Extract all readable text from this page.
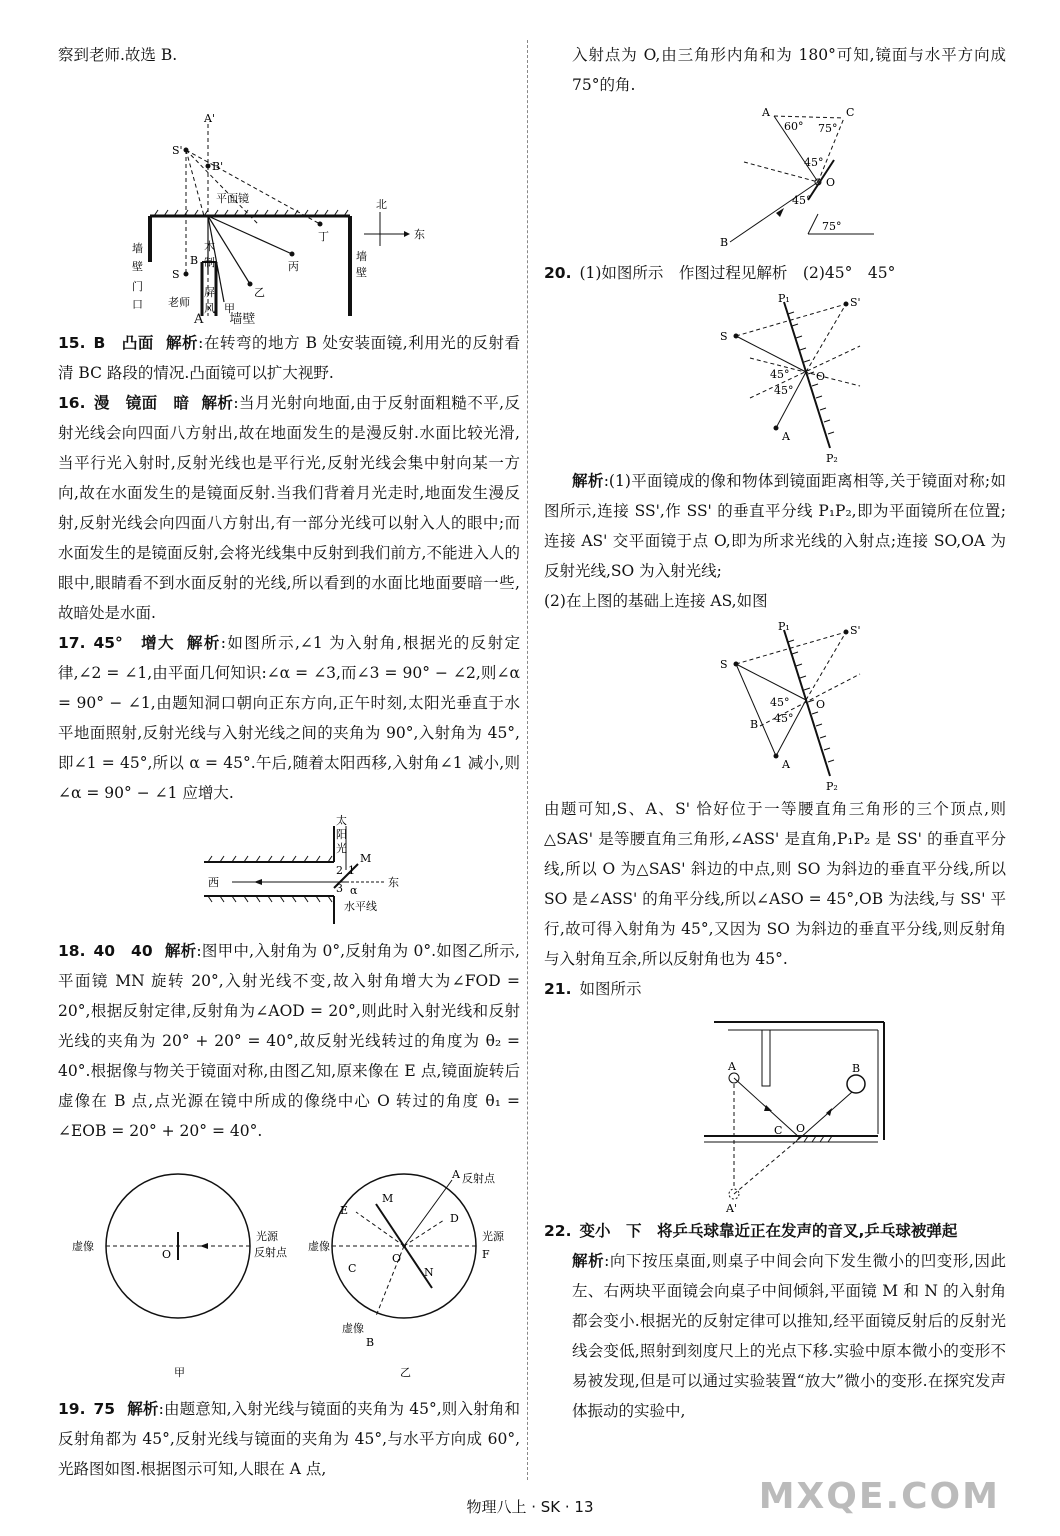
察到老师.故选 B.

A'
S'
B'
平面镜
墙
壁
门
口
S
B
木
制
屏
风 甲
乙
丙
丁
北
东
墙
壁
老师

A　　 墙壁

15. B　凸面 解析:在转弯的地方 B 处安装面镜,利用光的反射看清 BC 路段的情况.凸面镜可以扩大视野.

16. 漫　镜面　暗 解析:当月光射向地面,由于反射面粗糙不平,反射光线会向四面八方射出,故在地面发生的是漫反射.水面比较光滑,当平行光入射时,反射光线也是平行光,反射光线会集中射向某一方向,故在水面发生的是镜面反射.当我们背着月光走时,地面发生漫反射,反射光线会向四面八方射出,有一部分光线可以射入人的眼中;而水面发生的是镜面反射,会将光线集中反射到我们前方,不能进入人的眼中,眼睛看不到水面反射的光线,所以看到的水面比地面要暗一些,故暗处是水面.

17. 45°　增大 解析:如图所示,∠1 为入射角,根据光的反射定律,∠2 = ∠1,由平面几何知识:∠α = ∠3,而∠3 = 90° − ∠2,则∠α = 90° − ∠1,由题知洞口朝向正东方向,正午时刻,太阳光垂直于水平地面照射,反射光线与入射光线之间的夹角为 90°,入射角为 45°,即∠1 = 45°,所以 α = 45°.午后,随着太阳西移,入射角∠1 减小,则∠α = 90° − ∠1 应增大.

太
阳
光
M
1
2
3 α
西	东
水平线

18. 40　40 解析:图甲中,入射角为 0°,反射角为 0°.如图乙所示,平面镜 MN 旋转 20°,入射光线不变,故入射角增大为∠FOD = 20°,根据反射定律,反射角为∠AOD = 20°,则此时入射光线和反射光线的夹角为 20° + 20° = 40°,故反射光线转过的角度为 θ₂ = 40°.根据像与物关于镜面对称,由图乙知,原来像在 E 点,镜面旋转后虚像在 B 点,点光源在镜中所成的像绕中心 O 转过的角度 θ₁ = ∠EOB = 20° + 20° = 40°.

虚像
O
光源
反射点
甲
A 反射点
M
D
E
虚像
C
O
光源
F
N
虚像
B
乙

19. 75 解析:由题意知,入射光线与镜面的夹角为 45°,则入射角和反射角都为 45°,反射光线与镜面的夹角为 45°,与水平方向成 60°,光路图如图.根据图示可知,人眼在 A 点,

入射点为 O,由三角形内角和为 180°可知,镜面与水平方向成 75°的角.

A
60° 75°
C
45°
O
45°
B
75°

20. (1)如图所示　作图过程见解析　(2)45°　45°

P₁	S'
S
45° O
45°
A
P₂

解析:(1)平面镜成的像和物体到镜面距离相等,关于镜面对称;如图所示,连接 SS',作 SS' 的垂直平分线 P₁P₂,即为平面镜所在位置;连接 AS' 交平面镜于点 O,即为所求光线的入射点;连接 SO,OA 为反射光线,SO 为入射光线;

(2)在上图的基础上连接 AS,如图

P₁	S'
S
45° O
B 45°
A
P₂

由题可知,S、A、S' 恰好位于一等腰直角三角形的三个顶点,则△SAS' 是等腰直角三角形,∠ASS' 是直角,P₁P₂ 是 SS' 的垂直平分线,所以 O 为△SAS' 斜边的中点,则 SO 为斜边的垂直平分线,所以 SO 是∠ASS' 的角平分线,所以∠ASO = 45°,OB 为法线,与 SS' 平行,故可得入射角为 45°,又因为 SO 为斜边的垂直平分线,则反射角与入射角互余,所以反射角也为 45°.

21. 如图所示

A	B
C O
A'

22. 变小　下　将乒乓球靠近正在发声的音叉,乒乓球被弹起

解析:向下按压桌面,则桌子中间会向下发生微小的凹变形,因此左、右两块平面镜会向桌子中间倾斜,平面镜 M 和 N 的入射角都会变小.根据光的反射定律可以推知,经平面镜反射后的反射光线会变低,照射到刻度尺上的光点下移.实验中原本微小的变形不易被发现,但是可以通过实验装置“放大”微小的变形.在探究发声体振动的实验中,

物理八上 · SK · 13	MXQE.COM
